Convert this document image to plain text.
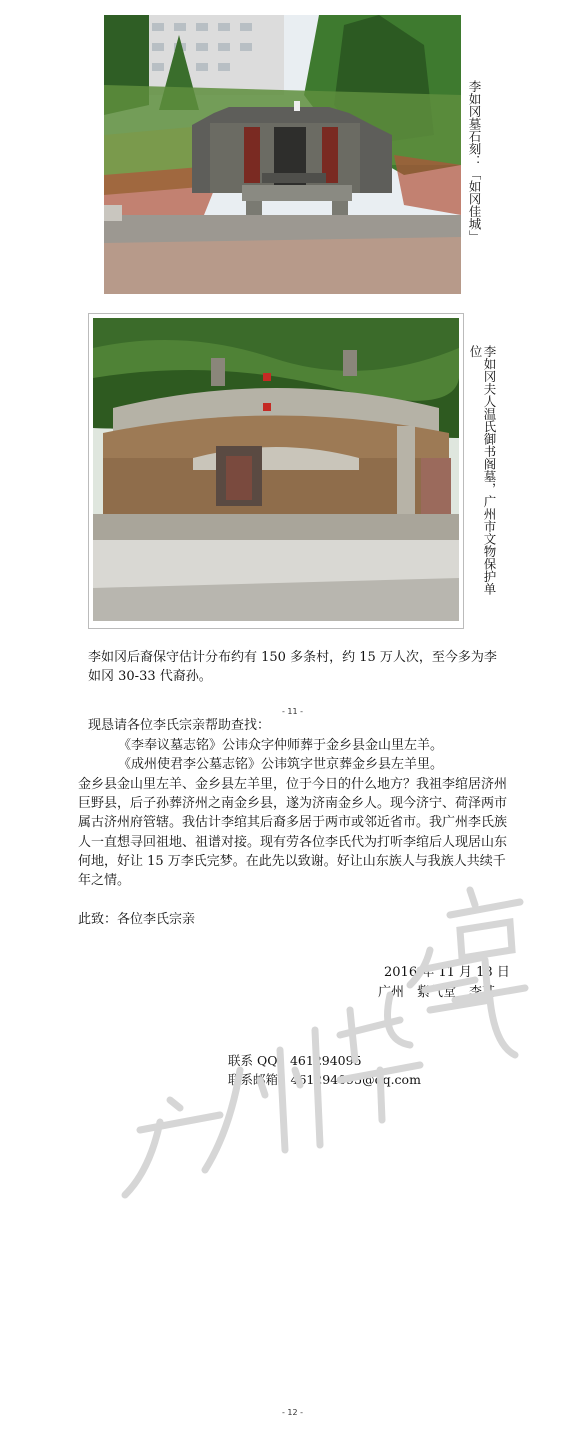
李如冈墓石刻：「如冈佳城」
李如冈夫人温氏御书阁墓，广州市文物保护单位

李如冈后裔保守估计分布约有 150 多条村，约 15 万人次，至今多为李如冈 30-33 代裔孙。

- 11 -

现恳请各位李氏宗亲帮助查找：

《李奉议墓志铭》公讳众字仲师葬于金乡县金山里左羊。

《成州使君李公墓志铭》公讳筑字世京葬金乡县左羊里。

金乡县金山里左羊、金乡县左羊里，位于今日的什么地方？我祖李绾居济州巨野县，后子孙葬济州之南金乡县，遂为济南金乡人。现今济宁、荷泽两市属古济州府管辖。我估计李绾其后裔多居于两市或邻近省市。我广州李氏族人一直想寻回祖地、祖谱对接。现有劳各位李氏代为打听李绾后人现居山东何地，好让 15 万李氏完梦。在此先以致谢。好让山东族人与我族人共续千年之情。

此致：各位李氏宗亲

2016 年 11 月 18 日

广州　紫气堂　李某

联系 QQ：461294095
联系邮箱：461294095@qq.com
- 12 -
